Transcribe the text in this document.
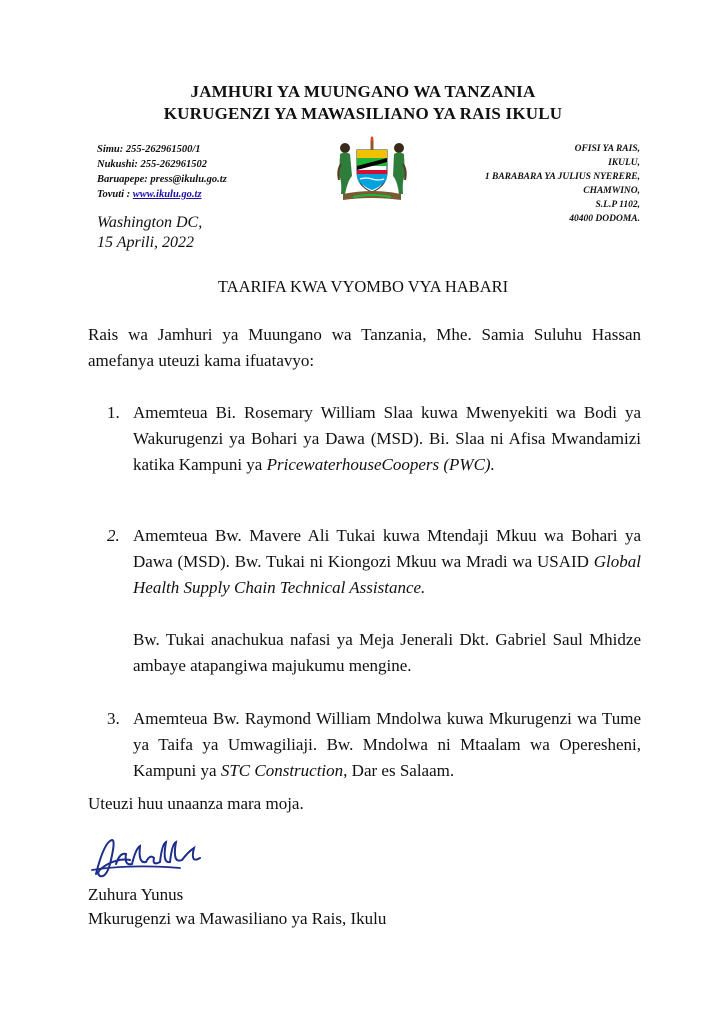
JAMHURI YA MUUNGANO WA TANZANIA
KURUGENZI YA MAWASILIANO YA RAIS IKULU
Simu: 255-262961500/1
Nukushi: 255-262961502
Baruapepe: press@ikulu.go.tz
Tovuti : www.ikulu.go.tz
OFISI YA RAIS,
IKULU,
1 BARABARA YA JULIUS NYERERE,
CHAMWINO,
S.L.P 1102,
40400 DODOMA.
Washington DC,
15 Aprili, 2022
TAARIFA KWA VYOMBO VYA HABARI
Rais wa Jamhuri ya Muungano wa Tanzania, Mhe. Samia Suluhu Hassan amefanya uteuzi kama ifuatavyo:
1. Amemteua Bi. Rosemary William Slaa kuwa Mwenyekiti wa Bodi ya Wakurugenzi ya Bohari ya Dawa (MSD). Bi. Slaa ni Afisa Mwandamizi katika Kampuni ya PricewaterhouseCoopers (PWC).
2. Amemteua Bw. Mavere Ali Tukai kuwa Mtendaji Mkuu wa Bohari ya Dawa (MSD). Bw. Tukai ni Kiongozi Mkuu wa Mradi wa USAID Global Health Supply Chain Technical Assistance.
Bw. Tukai anachukua nafasi ya Meja Jenerali Dkt. Gabriel Saul Mhidze ambaye atapangiwa majukumu mengine.
3. Amemteua Bw. Raymond William Mndolwa kuwa Mkurugenzi wa Tume ya Taifa ya Umwagiliaji. Bw. Mndolwa ni Mtaalam wa Operesheni, Kampuni ya STC Construction, Dar es Salaam.
Uteuzi huu unaanza mara moja.
Zuhura Yunus
Mkurugenzi wa Mawasiliano ya Rais, Ikulu
